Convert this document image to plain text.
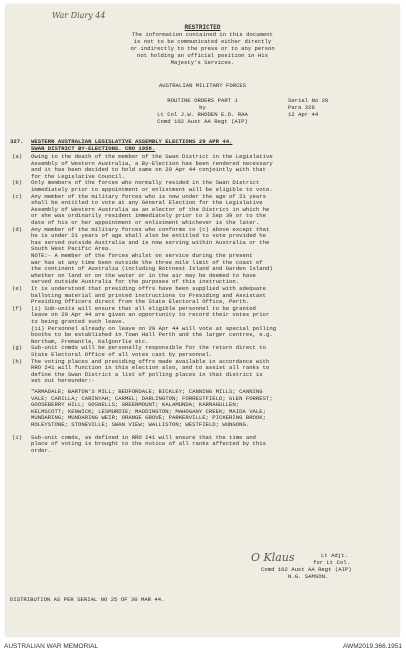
War Diary 44
RESTRICTED
The information contained in this document
is not to be communicated either directly
or indirectly to the press or to any person
not holding an official position in His
Majesty's Services.
AUSTRALIAN MILITARY FORCES
ROUTINE ORDERS PART 1
by
Lt Col J.W. RHODEN E.D. RAA
Comd 102 Aust AA Regt (AIP)
Serial No 28
Para 326
12 Apr 44
327. WESTERN AUSTRALIAN LEGISLATIVE ASSEMBLY ELECTIONS 29 APR 44.
SWAN DISTRICT BY-ELECTIONS. CRO 1958.
(a) Owing to the death of the member of the Swan District in the Legislative
Assembly of Western Australia, a By-Election has been rendered necessary
and it has been decided to hold same on 29 Apr 44 conjointly with that
for the Legislative Council.
(b) Only members of the forces who normally resided in the Swan District
immediately prior to appointment or enlistment will be eligible to vote.
(c) Any member of the military forces who is now under the age of 21 years
shall be entitled to vote at any General Election for the Legislative
Assembly of Western Australia as an elector of the District in which he
or she was ordinarily resident immediately prior to 3 Sep 39 or to the
date of his or her appointment or enlistment whichever is the later.
(d) Any member of the military forces who conforms to (c) above except that
he is under 21 years of age shall also be entitled to vote provided he
has served outside Australia and is now serving within Australia or the
South West Pacific Area.
NOTE:- A member of the forces whilst on service during the present
war has at any time been outside the three mile limit of the coast of
the continent of Australia (including Rottnest Island and Garden Island)
whether on land or on the water or in the air may be deemed to have
served outside Australia for the purposes of this instruction.
(e) It is understood that presiding offrs have been supplied with adequate
balloting material and printed instructions to Presiding and Assistant
Presiding Officers direct from the State Electoral Office, Perth.
(f) (i) Sub-units will ensure that all eligible personnel to be granted
leave on 29 Apr 44 are given an opportunity to record their votes prior
to being granted such leave.
(ii) Personnel already on leave on 29 Apr 44 will vote at special polling
booths to be established in Town Hall Perth and the larger centres, e.g.
Northam, Fremantle, Kalgoorlie etc.
(g) Sub-unit comds will be personally responsible for the return direct to
State Electoral Office of all votes cast by personnel.
(h) The voting places and presiding offrs made available in accordance with
RRO 241 will function in this election also, and to assist all ranks to
define the Swan District a list of polling places in that district is
set out hereunder:-
"ARMADALE; BARTON'S MILL; BEDFORDALE; BICKLEY; CANNING MILLS; CANNING
VALE; CARILLA; CARINYAH; CARMEL; DARLINGTON; FORRESTFIELD; GLEN FORREST;
GOOSEBERRY HILL; GOSNELLS; GREENMOUNT; KALAMUNDA; KARRAGULLEN;
KELMSCOTT; KENWICK; LESMURDIE; MADDINGTON; MAHOGANY CREEK; MAIDA VALE;
MUNDARING; MUNDARING WEIR; ORANGE GROVE; PARKERVILLE; PICKERING BROOK;
ROLEYSTONE; STONEVILLE; SWAN VIEW; WALLISTON; WESTFIELD; WUNGONG.
(i) Sub-unit comds, as defined in RRO 241 will ensure that the time and
place of voting is brought to the notice of all ranks affected by this
order.
O Klaus	Lt Adjt.
for Lt Col.
Comd 102 Aust AA Regt (AIP)
N.G. SAMSON.
DISTRIBUTION AS PER SERIAL NO 25 OF 30 MAR 44.
AUSTRALIAN WAR MEMORIAL	AWM2019.366.1951
